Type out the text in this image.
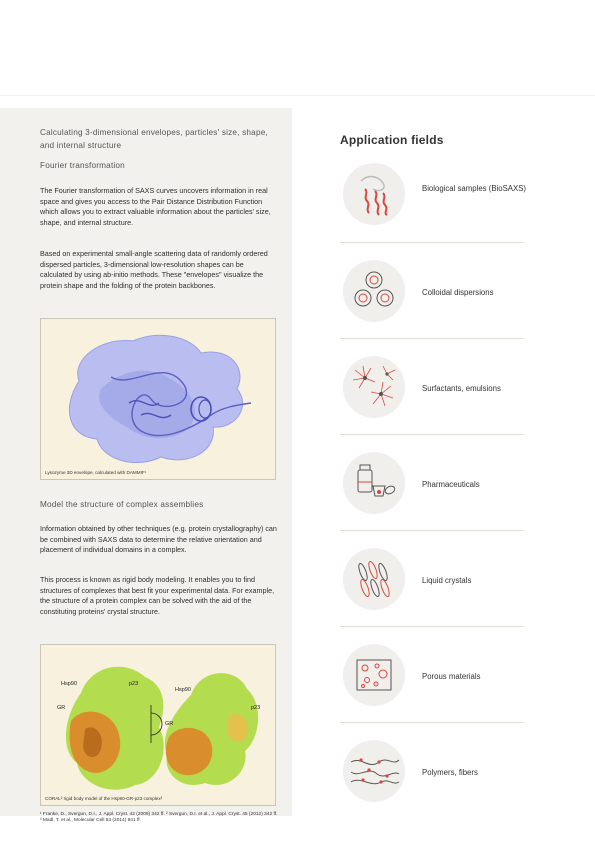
Calculating 3-dimensional envelopes, particles' size, shape, and internal structure
Fourier transformation
The Fourier transformation of SAXS curves uncovers information in real space and gives you access to the Pair Distance Distribution Function which allows you to extract valuable information about the particles' size, shape, and internal structure.
Based on experimental small-angle scattering data of randomly ordered dispersed particles, 3-dimensional low-resolution shapes can be calculated by using ab-initio methods. These "envelopes" visualize the protein shape and the folding of the protein backbones.
Lysozyme 3D envelope, calculated with DAMMIF¹
Model the structure of complex assemblies
Information obtained by other techniques (e.g. protein crystallography) can be combined with SAXS data to determine the relative orientation and placement of individual domains in a complex.
This process is known as rigid body modeling. It enables you to find structures of complexes that best fit your experimental data. For example, the structure of a protein complex can be solved with the aid of the constituting proteins' crystal structure.
Hsp90	p23
GR
Hsp90
p23
GR
CORAL² rigid body model of the Hsp90-GR-p23 complex³
¹ Franke, D., Svergun, D.I., J. Appl. Cryst. 42 (2009) 342 ff. ² Svergun, D.I. et al., J. Appl. Cryst. 45 (2012) 342 ff.
³ Madl, T. et al., Molecular Cell 53 (2014) 941 ff.
Application fields
Biological samples (BioSAXS)
Colloidal dispersions
Surfactants, emulsions
Pharmaceuticals
Liquid crystals
Porous materials
Polymers, fibers
